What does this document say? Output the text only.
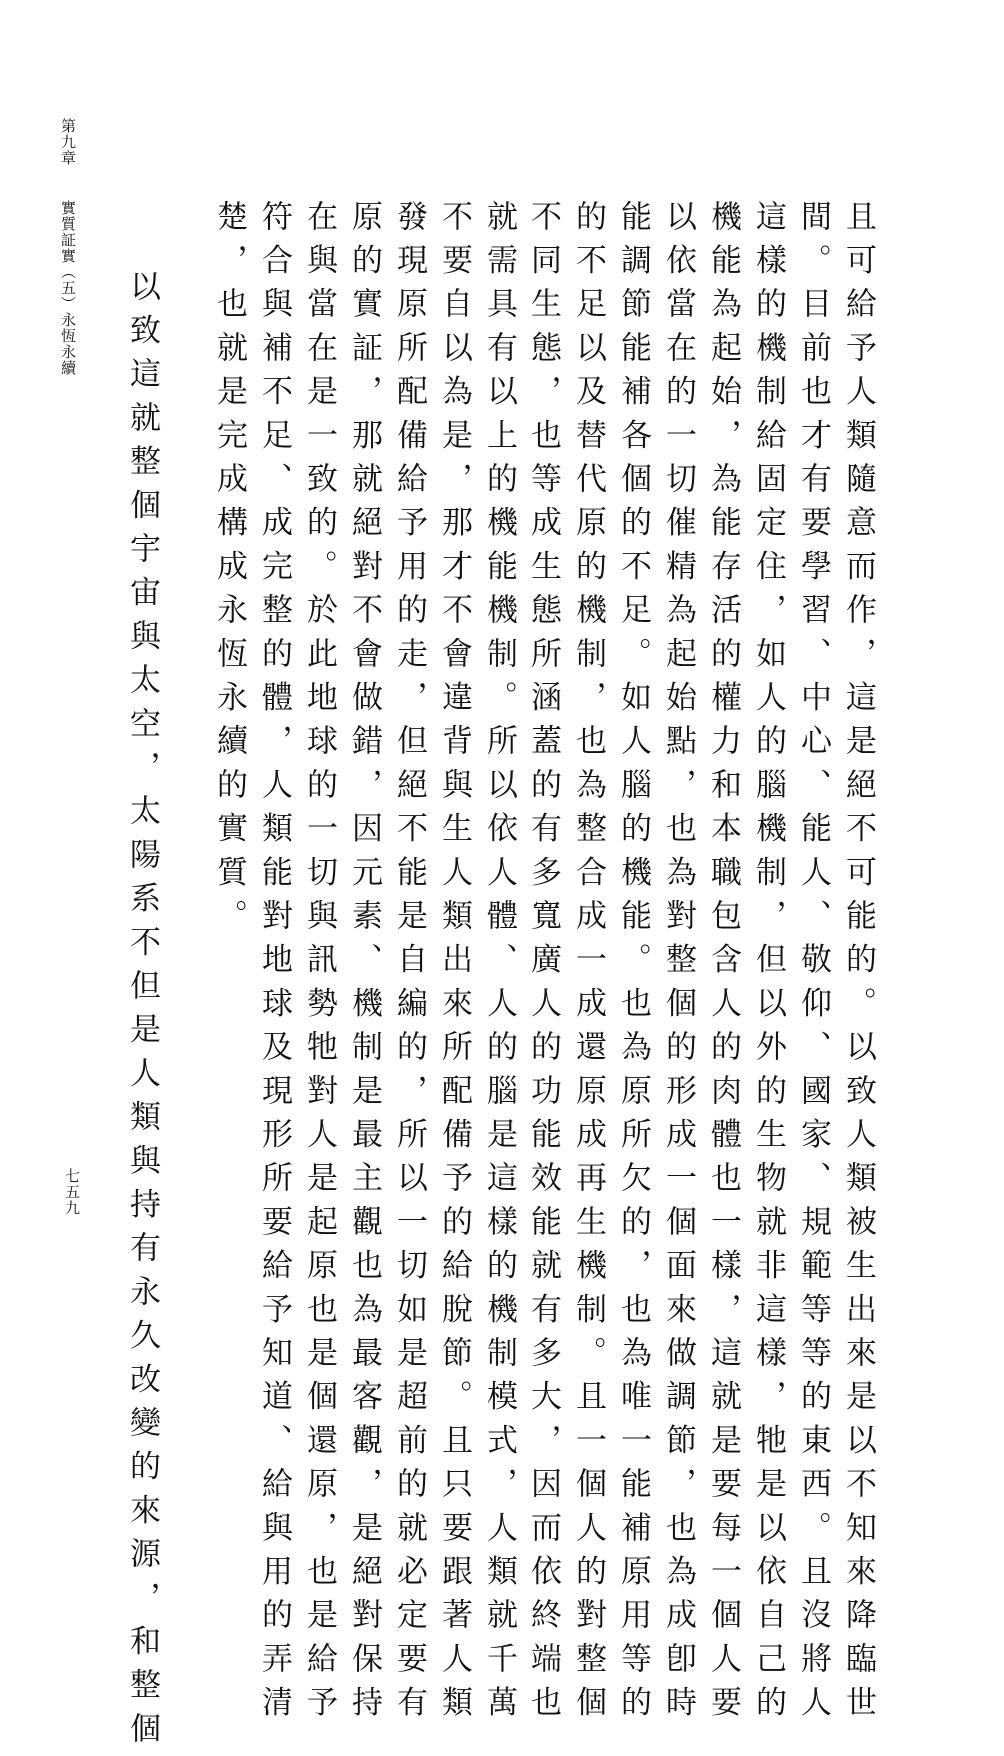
第九章
實質証實（五）永恆永續
七五九	且可給予人類隨意而作，這是絕不可能的。以致人類被生出來是以不知來降臨世
間。目前也才有要學習、中心、能人、敬仰、國家、規範等等的東西。且沒將人
這樣的機制給固定住，如人的腦機制，但以外的生物就非這樣，牠是以依自己的
機能為起始，為能存活的權力和本職包含人的肉體也一樣，這就是要每一個人要
以依當在的一切催精為起始點，也為對整個的形成一個面來做調節，也為成卽時
能調節能補各個的不足。如人腦的機能。也為原所欠的，也為唯一能補原用等的
的不足以及替代原的機制，也為整合成一成還原成再生機制。且一個人的對整個
不同生態，也等成生態所涵蓋的有多寬廣人的功能效能就有多大，因而依終端也
就需具有以上的機能機制。所以依人體、人的腦是這樣的機制模式，人類就千萬
不要自以為是，那才不會違背與生人類出來所配備予的給脫節。且只要跟著人類
發現原所配備給予用的走，但絕不能是自編的，所以一切如是超前的就必定要有
原的實証，那就絕對不會做錯，因元素、機制是最主觀也為最客觀，是絕對保持
在與當在是一致的。於此地球的一切與訊勢牠對人是起原也是個還原，也是給予
符合與補不足、成完整的體，人類能對地球及現形所要給予知道、給與用的弄清
楚，也就是完成構成永恆永續的實質。
以致這就整個宇宙與太空，太陽系不但是人類與持有永久改變的來源，和整個
